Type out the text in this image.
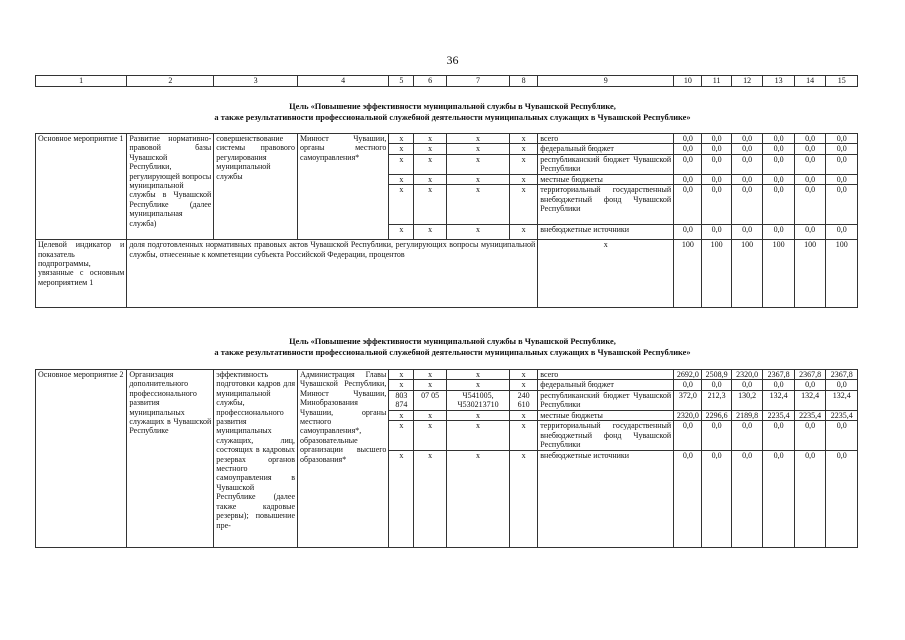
36
1	2	3	4	5	6	7	8	9	10	11	12	13	14	15
Цель «Повышение эффективности муниципальной службы в Чувашской Республике,
а также результативности профессиональной служебной деятельности муниципальных служащих в Чувашской Республике»
Основное мероприятие 1	Развитие нормативно-правовой базы Чувашской Республики, регулирующей вопросы муниципальной службы в Чувашской Республике (далее муниципальная служба)	совершенствование системы правового регулирования муниципальной службы	Минюст Чувашии, органы местного самоуправления*	x	x	x	x	всего	0,0	0,0	0,0	0,0	0,0	0,0
				x	x	x	x	федеральный бюджет	0,0	0,0	0,0	0,0	0,0	0,0
				x	x	x	x	республиканский бюджет Чувашской Республики	0,0	0,0	0,0	0,0	0,0	0,0
				x	x	x	x	местные бюджеты	0,0	0,0	0,0	0,0	0,0	0,0
				x	x	x	x	территориальный государственный внебюджетный фонд Чувашской Республики	0,0	0,0	0,0	0,0	0,0	0,0
				x	x	x	x	внебюджетные источники	0,0	0,0	0,0	0,0	0,0	0,0
Целевой индикатор и показатель подпрограммы, увязанные с основным мероприятием 1	доля подготовленных нормативных правовых актов Чувашской Республики, регулирующих вопросы муниципальной службы, отнесенные к компетенции субъекта Российской Федерации, процентов							x	100	100	100	100	100	100
Цель «Повышение эффективности муниципальной службы в Чувашской Республике,
а также результативности профессиональной служебной деятельности муниципальных служащих в Чувашской Республике»
Основное мероприятие 2	Организация дополнительного профессионального развития муниципальных служащих в Чувашской Республике	эффективность подготовки кадров для муниципальной службы, профессионального развития муниципальных служащих, лиц, состоящих в кадровых резервах органов местного самоуправления в Чувашской Республике (далее также кадровые резервы); повышение пре-	Администрация Главы Чувашской Республики, Минюст Чувашии, Минобразования Чувашии, органы местного самоуправления*, образовательные организации высшего образования*	x	x	x	x	всего	2692,0	2508,9	2320,0	2367,8	2367,8	2367,8
				x	x	x	x	федеральный бюджет	0,0	0,0	0,0	0,0	0,0	0,0
				803 874	07 05	Ч541005, Ч530213710	240 610	республиканский бюджет Чувашской Республики	372,0	212,3	130,2	132,4	132,4	132,4
				x	x	x	x	местные бюджеты	2320,0	2296,6	2189,8	2235,4	2235,4	2235,4
				x	x	x	x	территориальный государственный внебюджетный фонд Чувашской Республики	0,0	0,0	0,0	0,0	0,0	0,0
				x	x	x	x	внебюджетные источники	0,0	0,0	0,0	0,0	0,0	0,0
